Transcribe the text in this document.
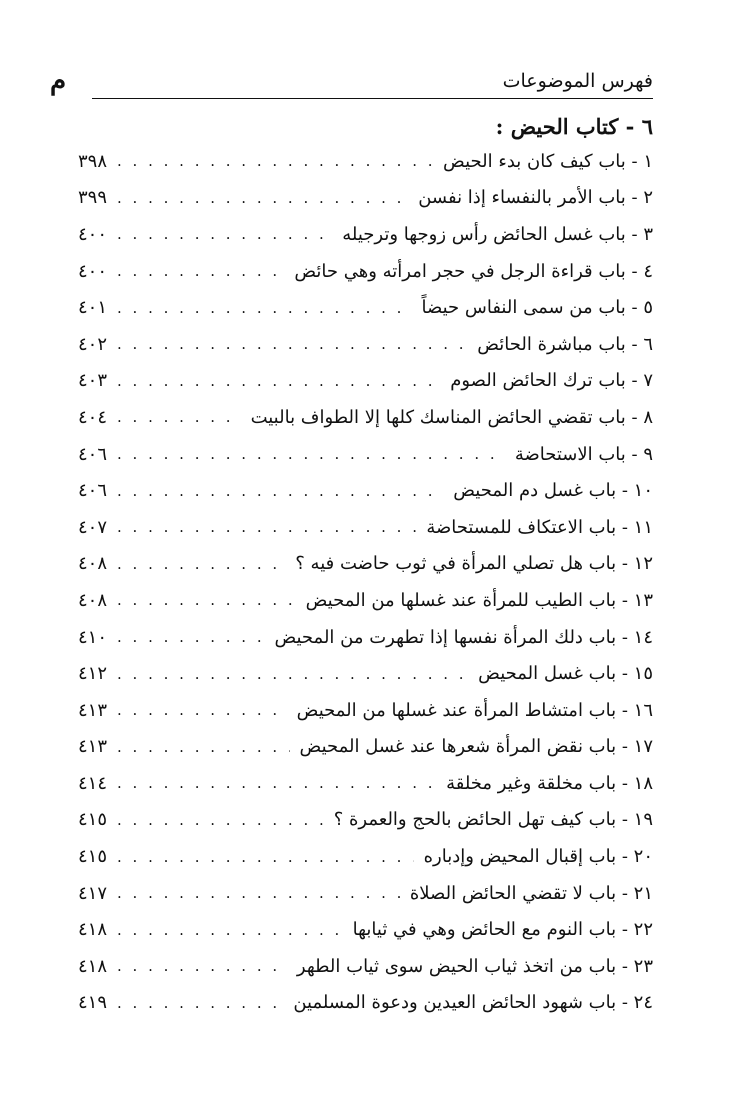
فهرس الموضوعات
م
٦ - كتاب الحيض :
١
-
باب كيف كان بدء الحيض
. . .
٣٩٨
٢
-
باب الأمر بالنفساء إذا نفسن
. . .
٣٩٩
٣
-
باب غسل الحائض رأس زوجها وترجيله
. . .
٤٠٠
٤
-
باب قراءة الرجل في حجر امرأته وهي حائض
. . .
٤٠٠
٥
-
باب من سمى النفاس حيضاً
. . .
٤٠١
٦
-
باب مباشرة الحائض
. . .
٤٠٢
٧
-
باب ترك الحائض الصوم
. . .
٤٠٣
٨
-
باب تقضي الحائض المناسك كلها إلا الطواف بالبيت
. . .
٤٠٤
٩
-
باب الاستحاضة
. . .
٤٠٦
١٠
-
باب غسل دم المحيض
. . .
٤٠٦
١١
-
باب الاعتكاف للمستحاضة
. . .
٤٠٧
١٢
-
باب هل تصلي المرأة في ثوب حاضت فيه ؟
. . .
٤٠٨
١٣
-
باب الطيب للمرأة عند غسلها من المحيض
. . .
٤٠٨
١٤
-
باب دلك المرأة نفسها إذا تطهرت من المحيض
. . .
٤١٠
١٥
-
باب غسل المحيض
. . .
٤١٢
١٦
-
باب امتشاط المرأة عند غسلها من المحيض
. . .
٤١٣
١٧
-
باب نقض المرأة شعرها عند غسل المحيض
. . .
٤١٣
١٨
-
باب مخلقة وغير مخلقة
. . .
٤١٤
١٩
-
باب كيف تهل الحائض بالحج والعمرة ؟
. . .
٤١٥
٢٠
-
باب إقبال المحيض وإدباره
. . .
٤١٥
٢١
-
باب لا تقضي الحائض الصلاة
. . .
٤١٧
٢٢
-
باب النوم مع الحائض وهي في ثيابها
. . .
٤١٨
٢٣
-
باب من اتخذ ثياب الحيض سوى ثياب الطهر
. . .
٤١٨
٢٤
-
باب شهود الحائض العيدين ودعوة المسلمين
. . .
٤١٩
